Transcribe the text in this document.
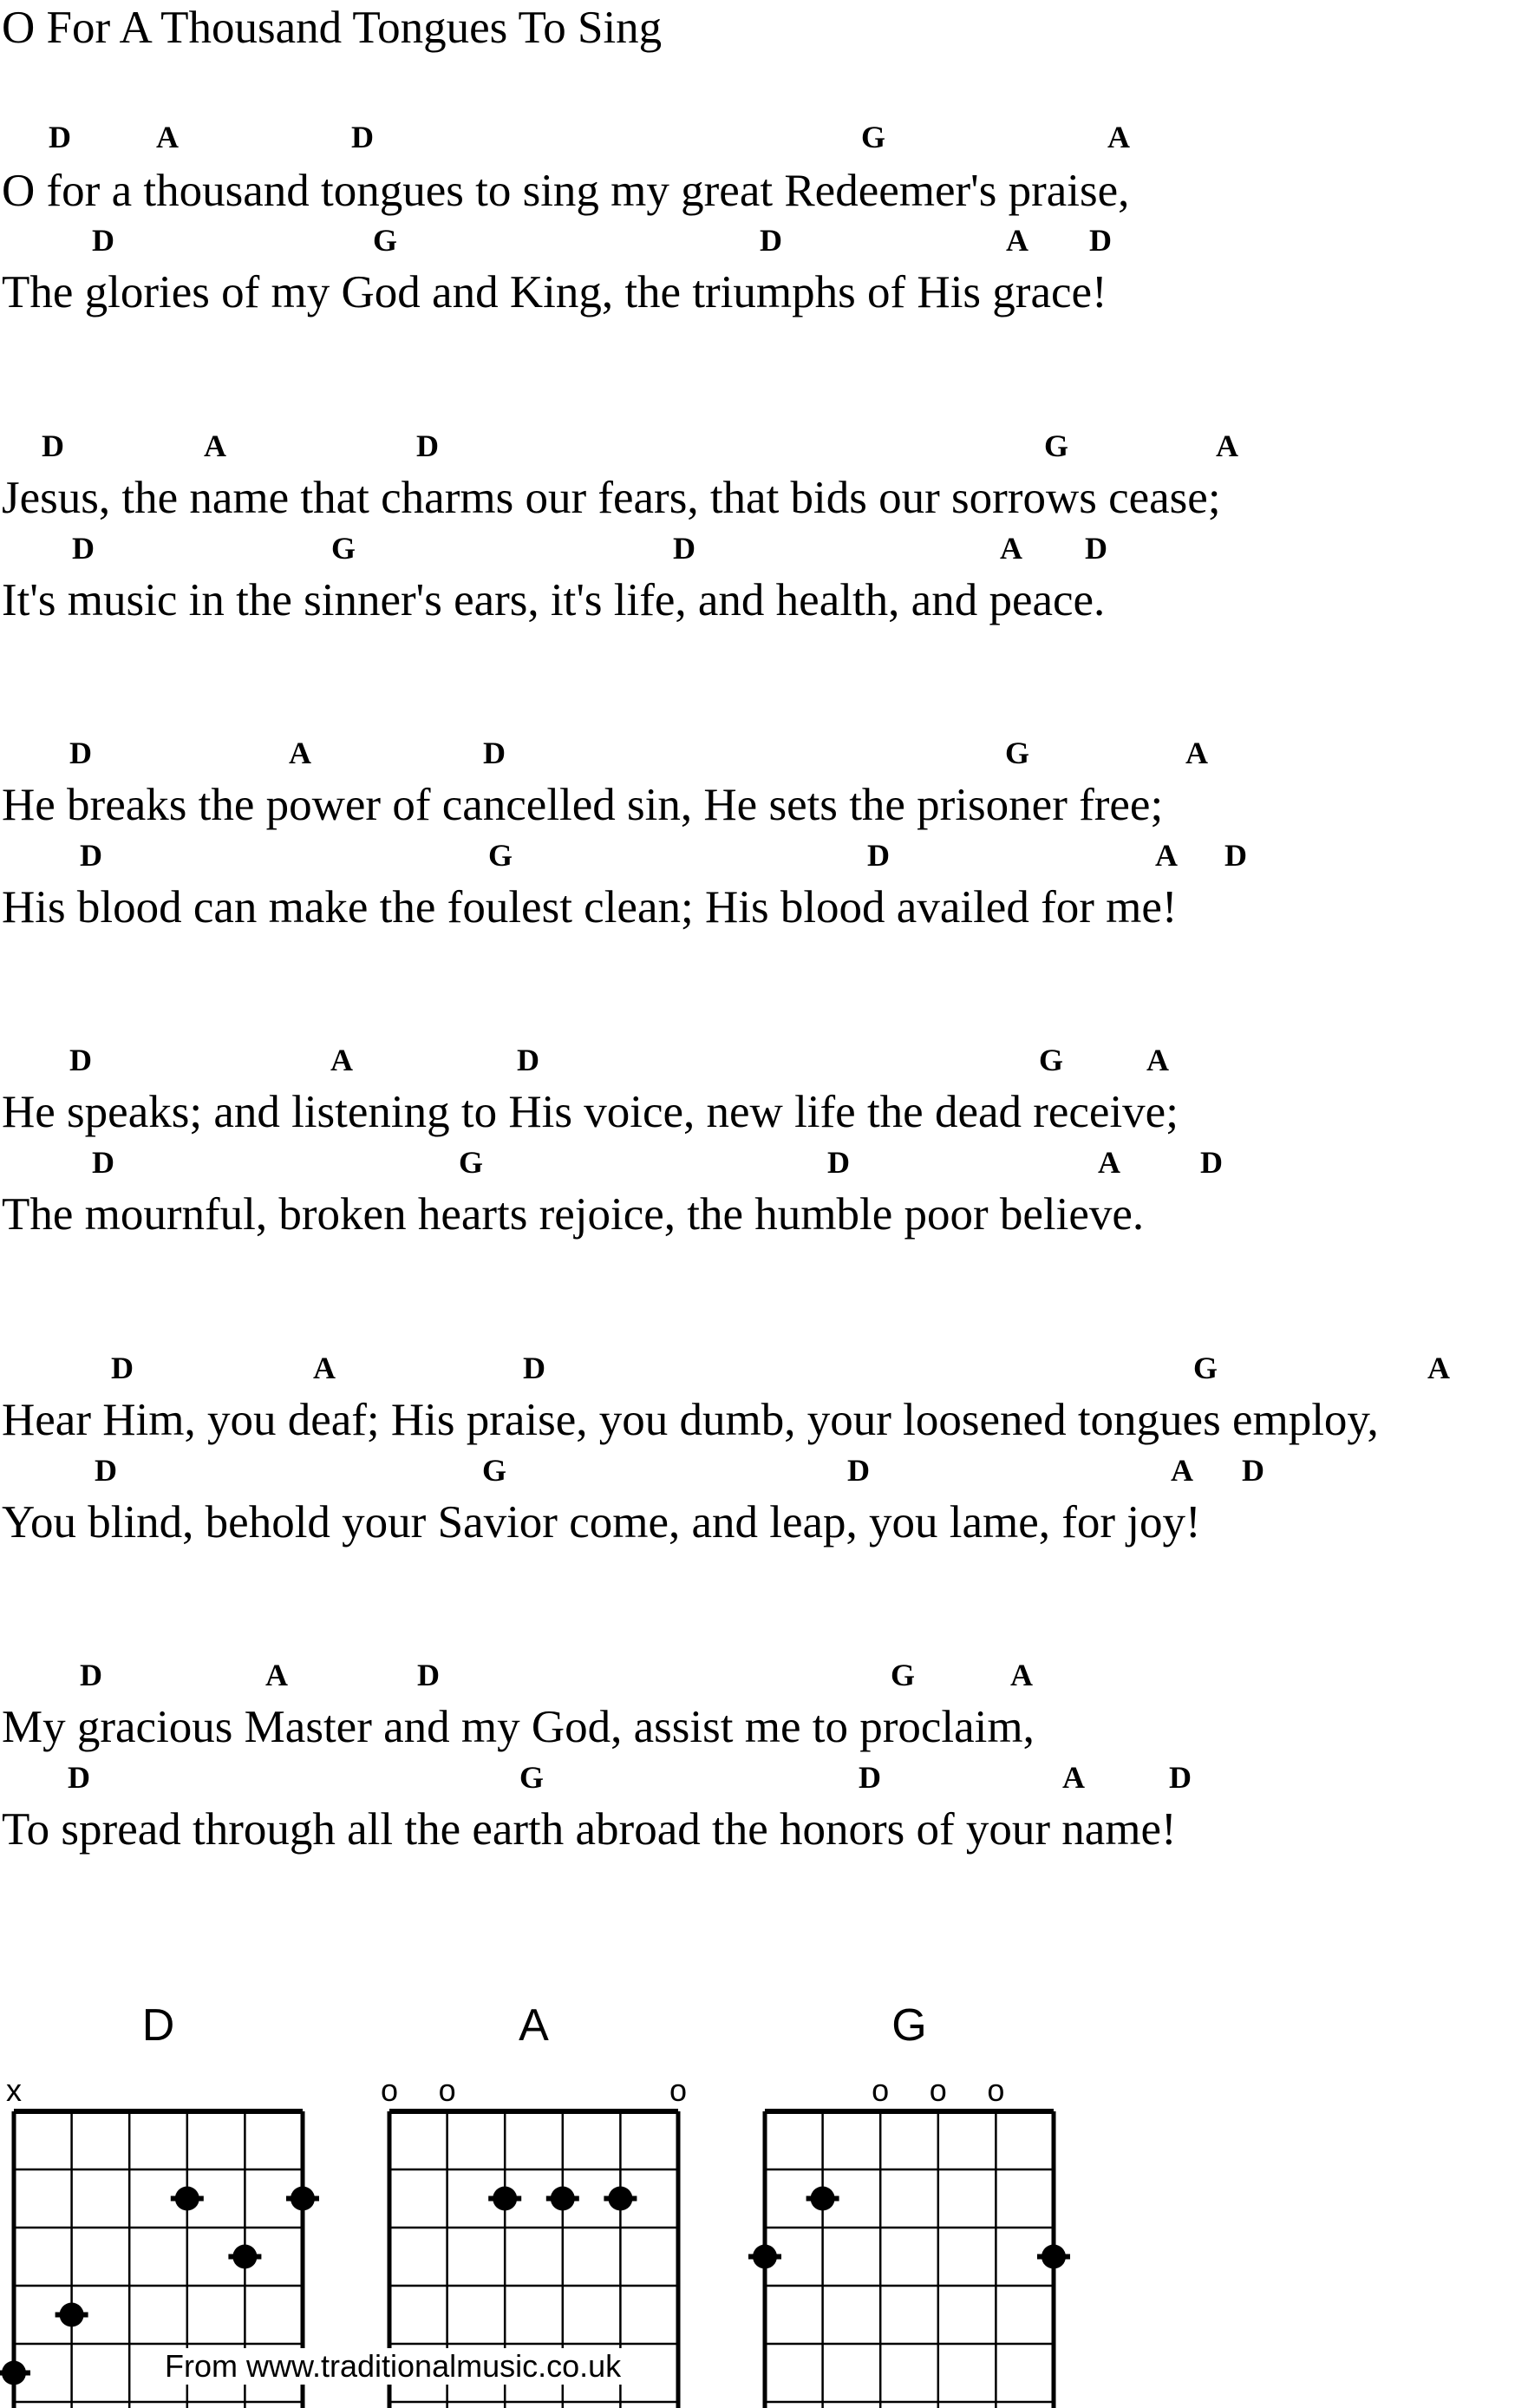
O For A Thousand Tongues To Sing
D	A	D	G	A
O for a thousand tongues to sing my great Redeemer's praise,
D	G	D	A D
The glories of my God and King, the triumphs of His grace!
D	A	D	G	A
Jesus, the name that charms our fears, that bids our sorrows cease;
D	G	D	A D
It's music in the sinner's ears, it's life, and health, and peace.
D	A	D	G	A
He breaks the power of cancelled sin, He sets the prisoner free;
D	G	D	A D
His blood can make the foulest clean; His blood availed for me!
D	A	D	G	A
He speaks; and listening to His voice, new life the dead receive;
D	G	D	A	D
The mournful, broken hearts rejoice, the humble poor believe.
D	A	D	G	A
Hear Him, you deaf; His praise, you dumb, your loosened tongues employ,
D	G	D	A D
You blind, behold your Savior come, and leap, you lame, for joy!
D	A	D	G	A
My gracious Master and my God, assist me to proclaim,
D	G	D	A	D
To spread through all the earth abroad the honors of your name!
D
x
A
o o	o
G
o o o
From www.traditionalmusic.co.uk
